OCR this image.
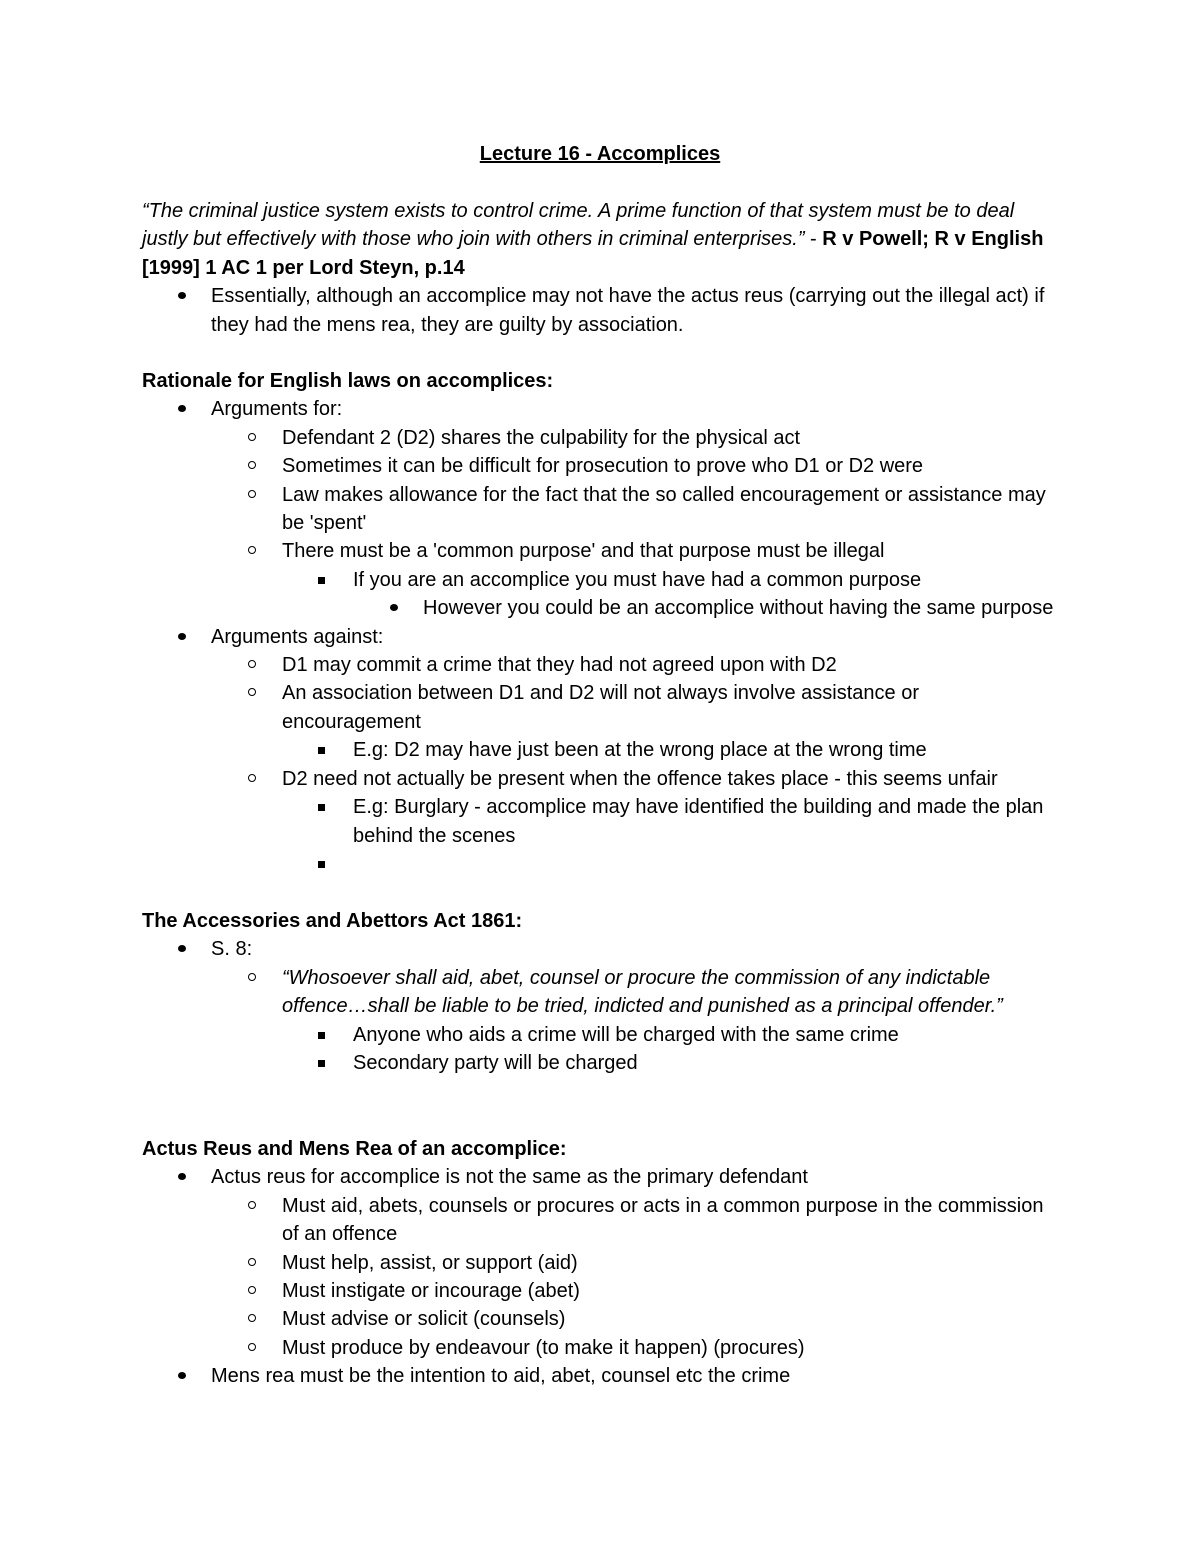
Lecture 16 - Accomplices
“The criminal justice system exists to control crime. A prime function of that system must be to deal justly but effectively with those who join with others in criminal enterprises.” - R v Powell; R v English [1999] 1 AC 1 per Lord Steyn, p.14
Essentially, although an accomplice may not have the actus reus (carrying out the illegal act) if they had the mens rea, they are guilty by association.
Rationale for English laws on accomplices:
Arguments for:
Defendant 2 (D2) shares the culpability for the physical act
Sometimes it can be difficult for prosecution to prove who D1 or D2 were
Law makes allowance for the fact that the so called encouragement or assistance may be 'spent'
There must be a 'common purpose' and that purpose must be illegal
If you are an accomplice you must have had a common purpose
However you could be an accomplice without having the same purpose
Arguments against:
D1 may commit a crime that they had not agreed upon with D2
An association between D1 and D2 will not always involve assistance or encouragement
E.g: D2 may have just been at the wrong place at the wrong time
D2 need not actually be present when the offence takes place - this seems unfair
E.g: Burglary - accomplice may have identified the building and made the plan behind the scenes

The Accessories and Abettors Act 1861:
S. 8:
“Whosoever shall aid, abet, counsel or procure the commission of any indictable offence…shall be liable to be tried, indicted and punished as a principal offender.”
Anyone who aids a crime will be charged with the same crime
Secondary party will be charged
Actus Reus and Mens Rea of an accomplice:
Actus reus for accomplice is not the same as the primary defendant
Must aid, abets, counsels or procures or acts in a common purpose in the commission of an offence
Must help, assist, or support (aid)
Must instigate or incourage (abet)
Must advise or solicit (counsels)
Must produce by endeavour (to make it happen) (procures)
Mens rea must be the intention to aid, abet, counsel etc the crime
